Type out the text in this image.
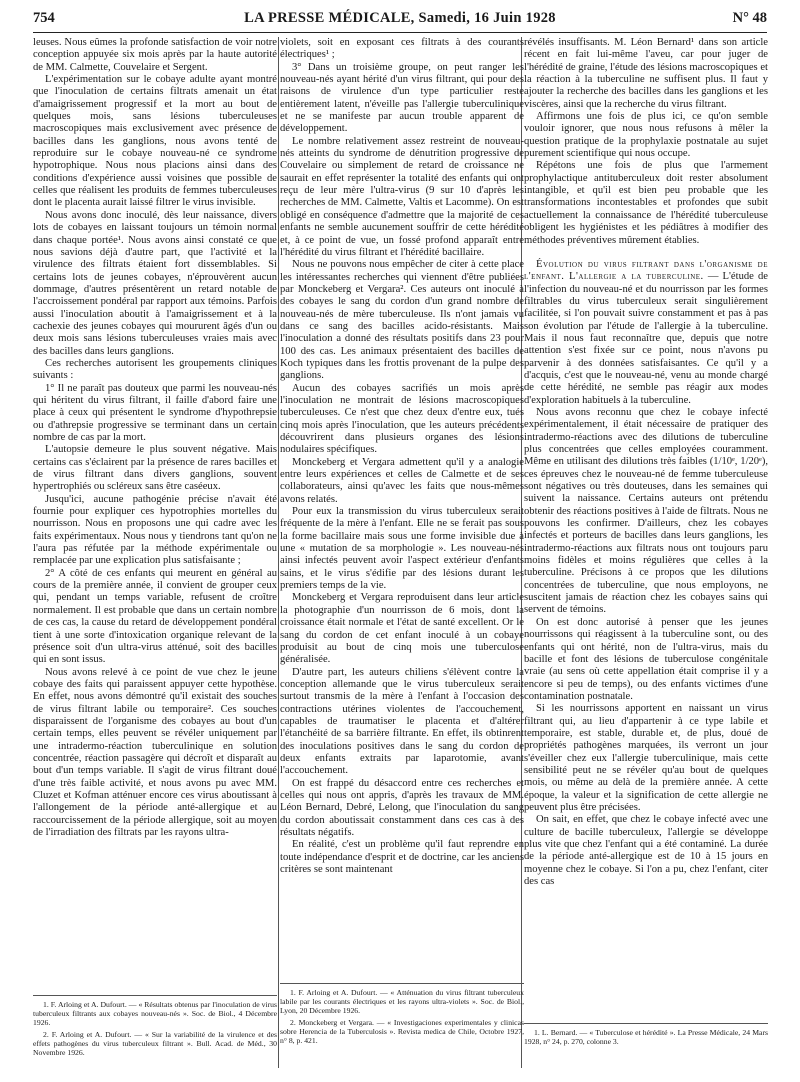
754	LA PRESSE MÉDICALE, Samedi, 16 Juin 1928	N° 48

leuses. Nous eûmes la profonde satisfaction de voir notre conception appuyée six mois après par la haute autorité de MM. Calmette, Couvelaire et Sergent.

L'expérimentation sur le cobaye adulte ayant montré que l'inoculation de certains filtrats amenait un état d'amaigrissement progressif et la mort au bout de quelques mois, sans lésions tuberculeuses macroscopiques mais exclusivement avec présence de bacilles dans les ganglions, nous avons tenté de reproduire sur le cobaye nouveau-né ce syndrome hypotrophique. Nous nous placions ainsi dans des conditions d'expérience aussi voisines que possible de celles que réalisent les produits de femmes tuberculeuses dont le placenta aurait laissé filtrer le virus invisible.

Nous avons donc inoculé, dès leur naissance, divers lots de cobayes en laissant toujours un témoin normal dans chaque portée¹. Nous avons ainsi constaté ce que nous savions déjà d'autre part, que l'activité et la virulence des filtrats étaient fort dissemblables. Si certains lots de jeunes cobayes, n'éprouvèrent aucun dommage, d'autres présentèrent un retard notable de l'accroissement pondéral par rapport aux témoins. Parfois aussi l'inoculation aboutit à l'amaigrissement et à la cachexie des jeunes cobayes qui moururent âgés d'un ou deux mois sans lésions tuberculeuses vraies mais avec des bacilles dans leurs ganglions.

Ces recherches autorisent les groupements cliniques suivants :

1° Il ne paraît pas douteux que parmi les nouveau-nés qui héritent du virus filtrant, il faille d'abord faire une place à ceux qui présentent le syndrome d'hypothrepsie ou d'athrepsie progressive se terminant dans un certain nombre de cas par la mort.

L'autopsie demeure le plus souvent négative. Mais certains cas s'éclairent par la présence de rares bacilles et de virus filtrant dans divers ganglions, souvent hypertrophiés ou scléreux sans être caséeux.

Jusqu'ici, aucune pathogénie précise n'avait été fournie pour expliquer ces hypotrophies mortelles du nourrisson. Nous en proposons une qui cadre avec les faits expérimentaux. Nous nous y tiendrons tant qu'on ne l'aura pas réfutée par la méthode expérimentale ou remplacée par une explication plus satisfaisante ;

2° A côté de ces enfants qui meurent en général au cours de la première année, il convient de grouper ceux qui, pendant un temps variable, refusent de croître normalement. Il est probable que dans un certain nombre de ces cas, la cause du retard de développement pondéral tient à une sorte d'intoxication organique relevant de la présence soit d'un ultra-virus atténué, soit des bacilles qui en sont issus.

Nous avons relevé à ce point de vue chez le jeune cobaye des faits qui paraissent appuyer cette hypothèse. En effet, nous avons démontré qu'il existait des souches de virus filtrant labile ou temporaire². Ces souches disparaissent de l'organisme des cobayes au bout d'un certain temps, elles peuvent se révéler uniquement par une intradermo-réaction tuberculinique en solution concentrée, réaction passagère qui décroît et disparaît au bout d'un temps variable. Il s'agit de virus filtrant doué d'une très faible activité, et nous avons pu avec MM. Cluzet et Kofman atténuer encore ces virus aboutissant à l'allongement de la période anté-allergique et au raccourcissement de la période allergique, soit au moyen de l'irradiation des filtrats par les rayons ultra-

1. F. Arloing et A. Dufourt. — « Résultats obtenus par l'inoculation de virus tuberculeux filtrants aux cobayes nouveau-nés ». Soc. de Biol., 4 Décembre 1926.

2. F. Arloing et A. Dufourt. — « Sur la variabilité de la virulence et des effets pathogènes du virus tuberculeux filtrant ». Bull. Acad. de Méd., 30 Novembre 1926.

violets, soit en exposant ces filtrats à des courants électriques¹ ;

3° Dans un troisième groupe, on peut ranger les nouveau-nés ayant hérité d'un virus filtrant, qui pour des raisons de virulence d'un type particulier reste entièrement latent, n'éveille pas l'allergie tuberculinique et ne se manifeste par aucun trouble apparent de développement.

Le nombre relativement assez restreint de nouveau-nés atteints du syndrome de dénutrition progressive de Couvelaire ou simplement de retard de croissance ne saurait en effet représenter la totalité des enfants qui ont reçu de leur mère l'ultra-virus (9 sur 10 d'après les recherches de MM. Calmette, Valtis et Lacomme). On est obligé en conséquence d'admettre que la majorité de ces enfants ne semble aucunement souffrir de cette hérédité et, à ce point de vue, un fossé profond apparaît entre l'hérédité du virus filtrant et l'hérédité bacillaire.

Nous ne pouvons nous empêcher de citer à cette place les intéressantes recherches qui viennent d'être publiées par Monckeberg et Vergara². Ces auteurs ont inoculé à des cobayes le sang du cordon d'un grand nombre de nouveau-nés de mère tuberculeuse. Ils n'ont jamais vu dans ce sang des bacilles acido-résistants. Mais l'inoculation a donné des résultats positifs dans 23 pour 100 des cas. Les animaux présentaient des bacilles de Koch typiques dans les frottis provenant de la pulpe des ganglions.

Aucun des cobayes sacrifiés un mois après l'inoculation ne montrait de lésions macroscopiques tuberculeuses. Ce n'est que chez deux d'entre eux, tués cinq mois après l'inoculation, que les auteurs précédents découvrirent dans plusieurs organes des lésions nodulaires spécifiques.

Monckeberg et Vergara admettent qu'il y a analogie entre leurs expériences et celles de Calmette et de ses collaborateurs, ainsi qu'avec les faits que nous-mêmes avons relatés.

Pour eux la transmission du virus tuberculeux serait fréquente de la mère à l'enfant. Elle ne se ferait pas sous la forme bacillaire mais sous une forme invisible due à une « mutation de sa morphologie ». Les nouveau-nés ainsi infectés peuvent avoir l'aspect extérieur d'enfants sains, et le virus s'édifie par des lésions durant les premiers temps de la vie.

Monckeberg et Vergara reproduisent dans leur article la photographie d'un nourrisson de 6 mois, dont la croissance était normale et l'état de santé excellent. Or le sang du cordon de cet enfant inoculé à un cobaye produisit au bout de cinq mois une tuberculose généralisée.

D'autre part, les auteurs chiliens s'élèvent contre la conception allemande que le virus tuberculeux serait surtout transmis de la mère à l'enfant à l'occasion des contractions utérines violentes de l'accouchement, capables de traumatiser le placenta et d'altérer l'étanchéité de sa barrière filtrante. En effet, ils obtinrent des inoculations positives dans le sang du cordon de deux enfants extraits par laparotomie, avant l'accouchement.

On est frappé du désaccord entre ces recherches et celles qui nous ont appris, d'après les travaux de MM. Léon Bernard, Debré, Lelong, que l'inoculation du sang du cordon aboutissait constamment dans ces cas à des résultats négatifs.

En réalité, c'est un problème qu'il faut reprendre en toute indépendance d'esprit et de doctrine, car les anciens critères se sont maintenant

1. F. Arloing et A. Dufourt. — « Atténuation du virus filtrant tuberculeux labile par les courants électriques et les rayons ultra-violets ». Soc. de Biol., Lyon, 20 Décembre 1926.

2. Monckeberg et Vergara. — « Investigaciones experimentales y clinicas sobre Herencia de la Tuberculosis ». Revista medica de Chile, Octobre 1927, n° 8, p. 421.

révélés insuffisants. M. Léon Bernard¹ dans son article récent en fait lui-même l'aveu, car pour juger de l'hérédité de graine, l'étude des lésions macroscopiques et la réaction à la tuberculine ne suffisent plus. Il faut y ajouter la recherche des bacilles dans les ganglions et les viscères, ainsi que la recherche du virus filtrant.

Affirmons une fois de plus ici, ce qu'on semble vouloir ignorer, que nous nous refusons à mêler la question pratique de la prophylaxie postnatale au sujet purement scientifique qui nous occupe.

Répétons une fois de plus que l'armement prophylactique antituberculeux doit rester absolument intangible, et qu'il est bien peu probable que les transformations incontestables et profondes que subit actuellement la connaissance de l'hérédité tuberculeuse obligent les hygiénistes et les pédiâtres à modifier des méthodes préventives mûrement établies.

Évolution du virus filtrant dans l'organisme de l'enfant. L'allergie a la tuberculine. — L'étude de l'infection du nouveau-né et du nourrisson par les formes filtrables du virus tuberculeux serait singulièrement facilitée, si l'on pouvait suivre constamment et pas à pas son évolution par l'étude de l'allergie à la tuberculine. Mais il nous faut reconnaître que, depuis que notre attention s'est fixée sur ce point, nous n'avons pu parvenir à des données satisfaisantes. Ce qu'il y a d'acquis, c'est que le nouveau-né, venu au monde chargé de cette hérédité, ne semble pas réagir aux modes d'exploration habituels à la tuberculine.

Nous avons reconnu que chez le cobaye infecté expérimentalement, il était nécessaire de pratiquer des intradermo-réactions avec des dilutions de tuberculine plus concentrées que celles employées couramment. Même en utilisant des dilutions très faibles (1/10ᵉ, 1/20ᵉ), ces épreuves chez le nouveau-né de femme tuberculeuse sont négatives ou très douteuses, dans les semaines qui suivent la naissance. Certains auteurs ont prétendu obtenir des réactions positives à l'aide de filtrats. Nous ne pouvons les confirmer. D'ailleurs, chez les cobayes infectés et porteurs de bacilles dans leurs ganglions, les intradermo-réactions aux filtrats nous ont toujours paru moins fidèles et moins régulières que celles à la tuberculine. Précisons à ce propos que les dilutions concentrées de tuberculine, que nous employons, ne suscitent jamais de réaction chez les cobayes sains qui servent de témoins.

On est donc autorisé à penser que les jeunes nourrissons qui réagissent à la tuberculine sont, ou des enfants qui ont hérité, non de l'ultra-virus, mais du bacille et font des lésions de tuberculose congénitale vraie (au sens où cette appellation était comprise il y a encore si peu de temps), ou des enfants victimes d'une contamination postnatale.

Si les nourrissons apportent en naissant un virus filtrant qui, au lieu d'appartenir à ce type labile et temporaire, est stable, durable et, de plus, doué de propriétés pathogènes marquées, ils verront un jour s'éveiller chez eux l'allergie tuberculinique, mais cette sensibilité peut ne se révéler qu'au bout de quelques mois, ou même au delà de la première année. A cette époque, la valeur et la signification de cette allergie ne peuvent plus être précisées.

On sait, en effet, que chez le cobaye infecté avec une culture de bacille tuberculeux, l'allergie se développe plus vite que chez l'enfant qui a été contaminé. La durée de la période anté-allergique est de 10 à 15 jours en moyenne chez le cobaye. Si l'on a pu, chez l'enfant, citer des cas

1. L. Bernard. — « Tuberculose et hérédité ». La Presse Médicale, 24 Mars 1928, n° 24, p. 270, colonne 3.
